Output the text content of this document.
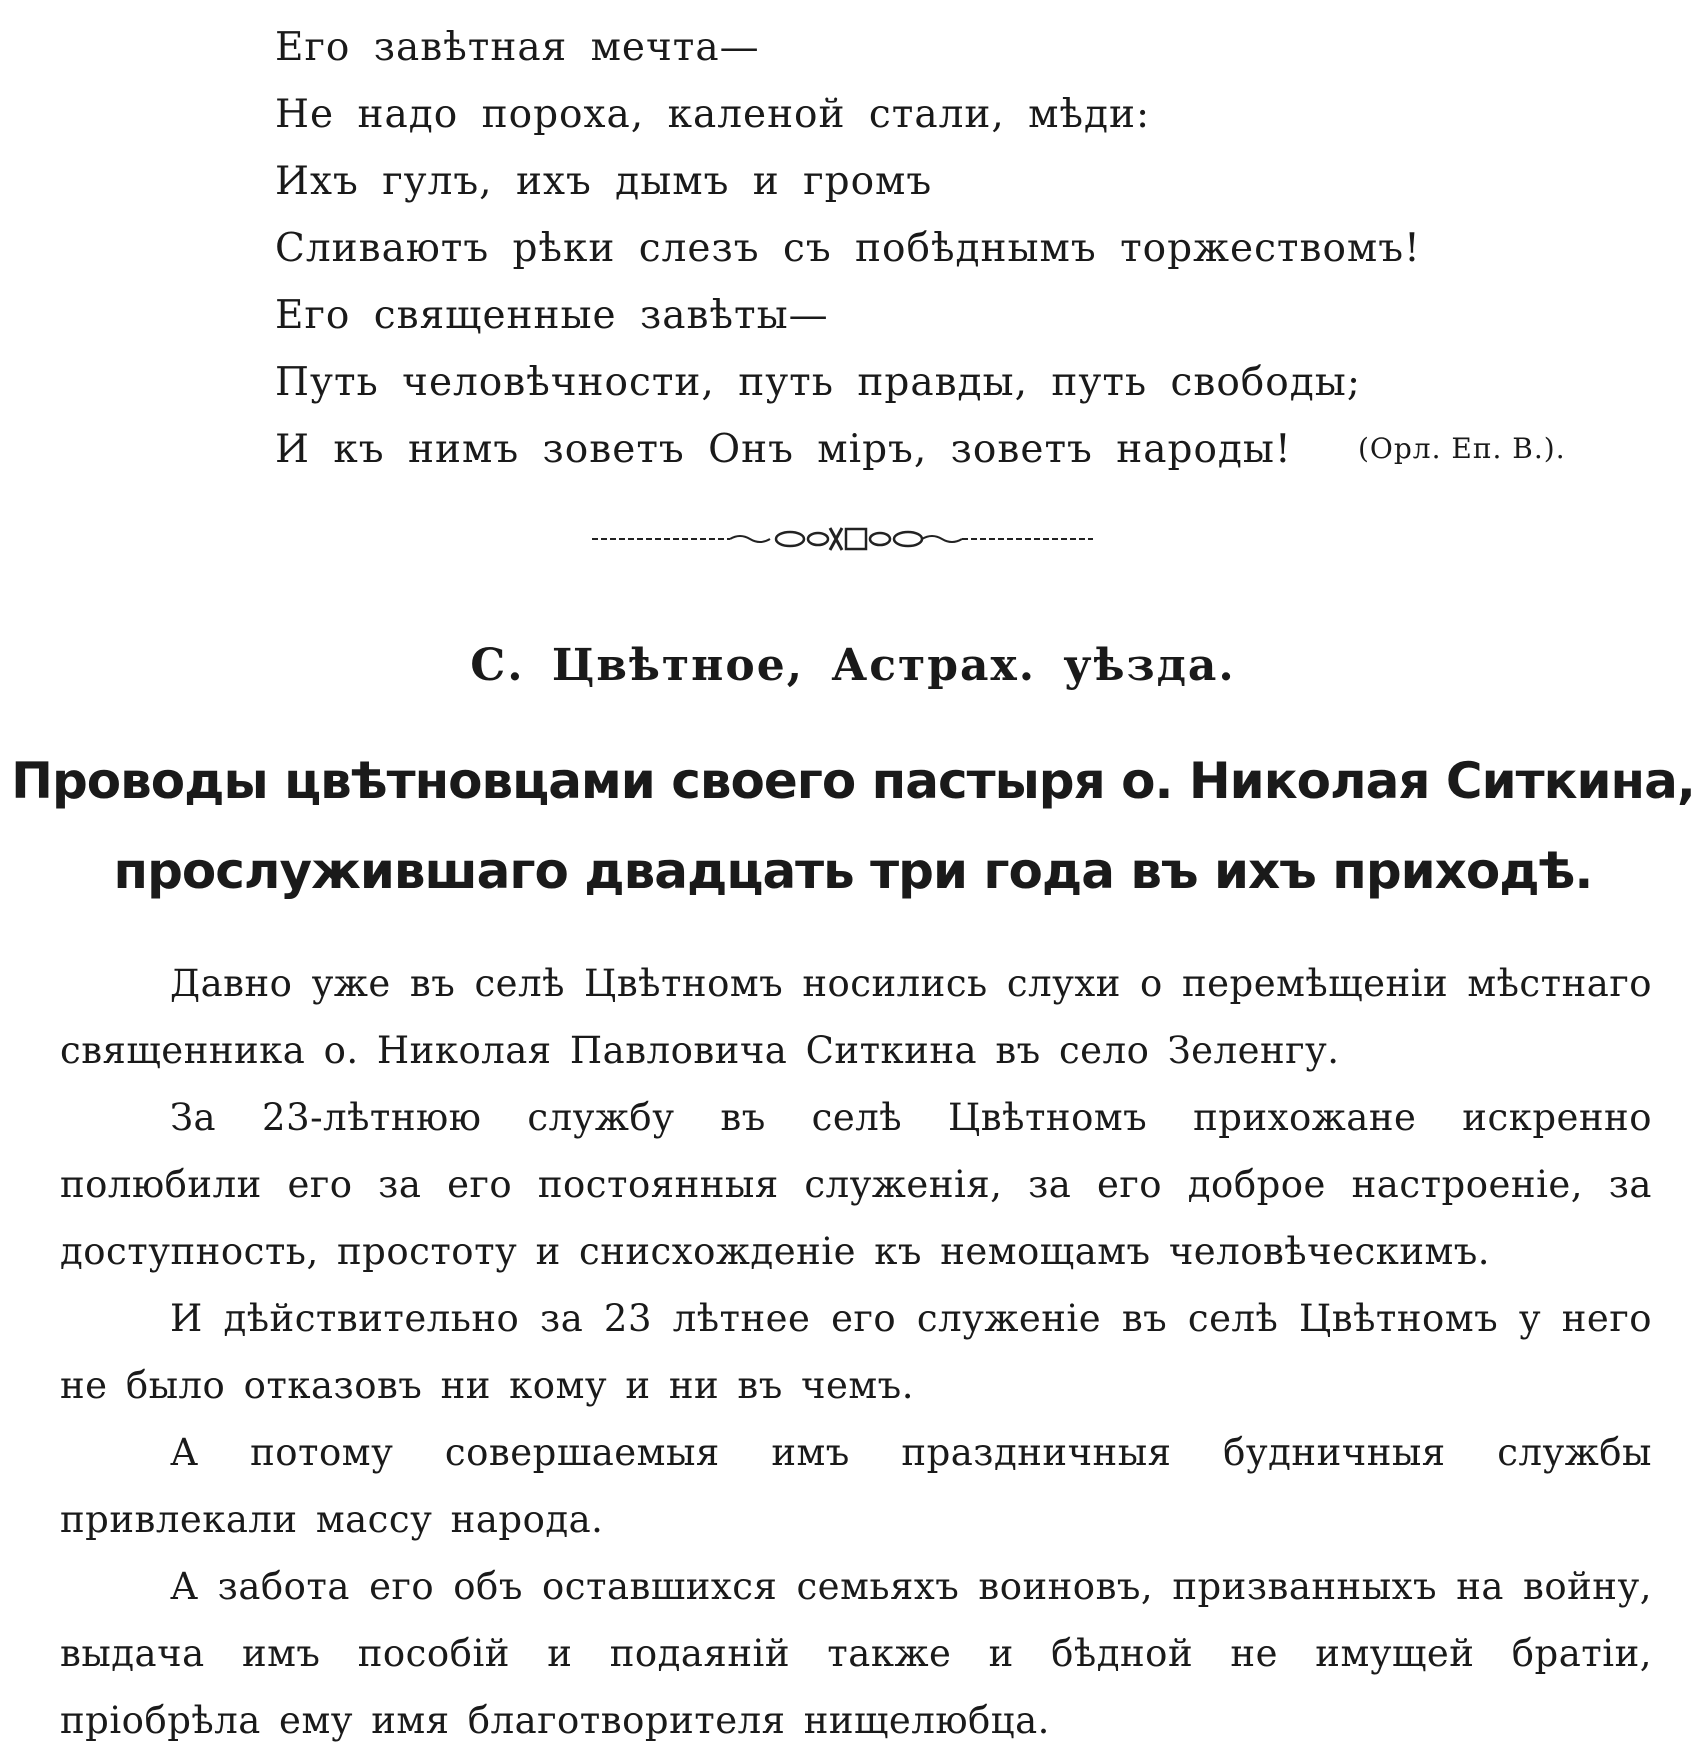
Его завѣтная мечта—
Не надо пороха, каленой стали, мѣди:
Ихъ гулъ, ихъ дымъ и громъ
Сливаютъ рѣки слезъ съ побѣднымъ торжествомъ!
Его священные завѣты—
Путь человѣчности, путь правды, путь свободы;
И къ нимъ зоветъ Онъ міръ, зоветъ народы!	(Орл. Еп. В.).
С. Цвѣтное, Астрах. уѣзда.
Проводы цвѣтновцами своего пастыря о. Николая Ситкина,
прослужившаго двадцать три года въ ихъ приходѣ.

Давно уже въ селѣ Цвѣтномъ носились слухи о перемѣщеніи мѣстнаго священника о. Николая Павловича Ситкина въ село Зеленгу.

За 23-лѣтнюю службу въ селѣ Цвѣтномъ прихожане искренно полюбили его за его постоянныя служенія, за его доброе настроеніе, за доступность, простоту и снисхожденіе къ немощамъ человѣческимъ.

И дѣйствительно за 23 лѣтнее его служеніе въ селѣ Цвѣтномъ у него не было отказовъ ни кому и ни въ чемъ.

А потому совершаемыя имъ праздничныя будничныя службы привлекали массу народа.

А забота его объ оставшихся семьяхъ воиновъ, призванныхъ на войну, выдача имъ пособій и подаяній также и бѣдной не имущей братіи, пріобрѣла ему имя благотворителя нищелюбца.
